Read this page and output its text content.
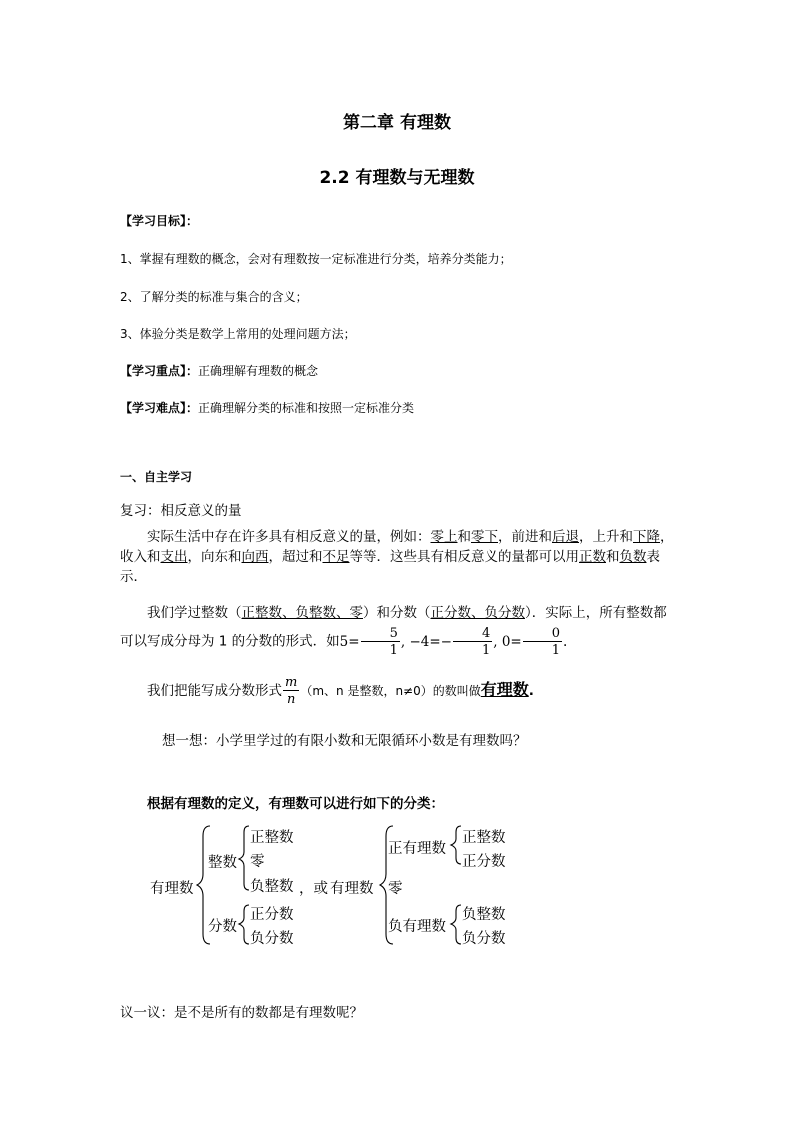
第二章 有理数
2.2 有理数与无理数
【学习目标】：
1、掌握有理数的概念，会对有理数按一定标准进行分类，培养分类能力；
2、了解分类的标准与集合的含义；
3、体验分类是数学上常用的处理问题方法；
【学习重点】：正确理解有理数的概念
【学习难点】：正确理解分类的标准和按照一定标准分类
一、自主学习
复习：相反意义的量
实际生活中存在许多具有相反意义的量，例如：零上和零下，前进和后退，上升和下降，收入和支出，向东和向西，超过和不足等等．这些具有相反意义的量都可以用正数和负数表示．
我们学过整数（正整数、负整数、零）和分数（正分数、负分数）．实际上，所有整数都可以写成分母为 1 的分数的形式．如$5= \frac{5}{1}$ , $-4=- \frac{4}{1}$ , $0= \frac{0}{1}$ .
我们把能写成分数形式 $\frac{m}{n} (m$、n 是整数，n≠0）的数叫做有理数.
想一想：小学里学过的有限小数和无限循环小数是有理数吗？
根据有理数的定义，有理数可以进行如下的分类：
有理数
整数
正整数
零
负整数
分数
正分数
负分数
，或 有理数
正有理数
正整数
正分数
零
负有理数
负整数
负分数
议一议：是不是所有的数都是有理数呢？
